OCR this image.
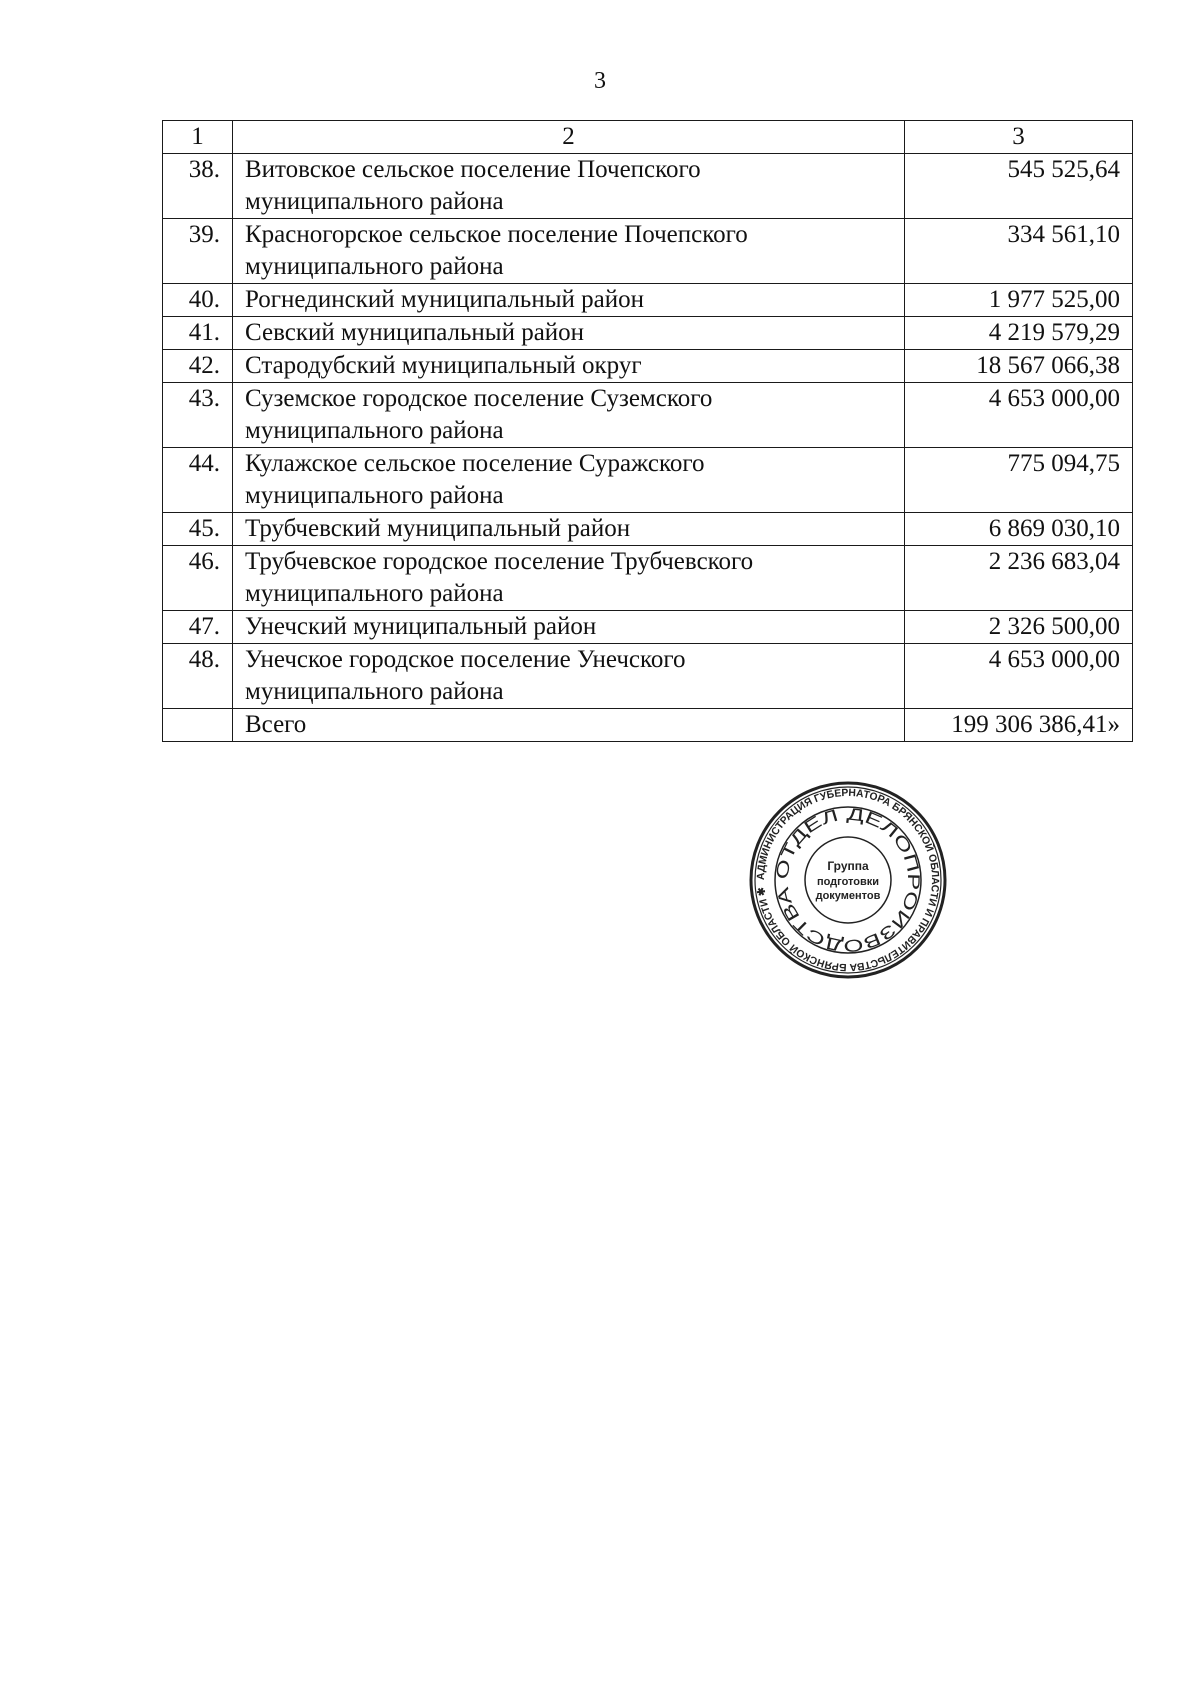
3
1	2	3
38.	Витовское сельское поселение Почепского
муниципального района	545 525,64
39.	Красногорское сельское поселение Почепского
муниципального района	334 561,10
40.	Рогнединский муниципальный район	1 977 525,00
41.	Севский муниципальный район	4 219 579,29
42.	Стародубский муниципальный округ	18 567 066,38
43.	Суземское городское поселение Суземского
муниципального района	4 653 000,00
44.	Кулажское сельское поселение Суражского
муниципального района	775 094,75
45.	Трубчевский муниципальный район	6 869 030,10
46.	Трубчевское городское поселение Трубчевского
муниципального района	2 236 683,04
47.	Унечский муниципальный район	2 326 500,00
48.	Унечское городское поселение Унечского
муниципального района	4 653 000,00
	Всего	199 306 386,41»
АДМИНИСТРАЦИЯ ГУБЕРНАТОРА БРЯНСКОЙ ОБЛАСТИ И ПРАВИТЕЛЬСТВА БРЯНСКОЙ ОБЛАСТИ ✱
ОТДЕЛ ДЕЛОПРОИЗВОДСТВА
Группа
подготовки
документов
